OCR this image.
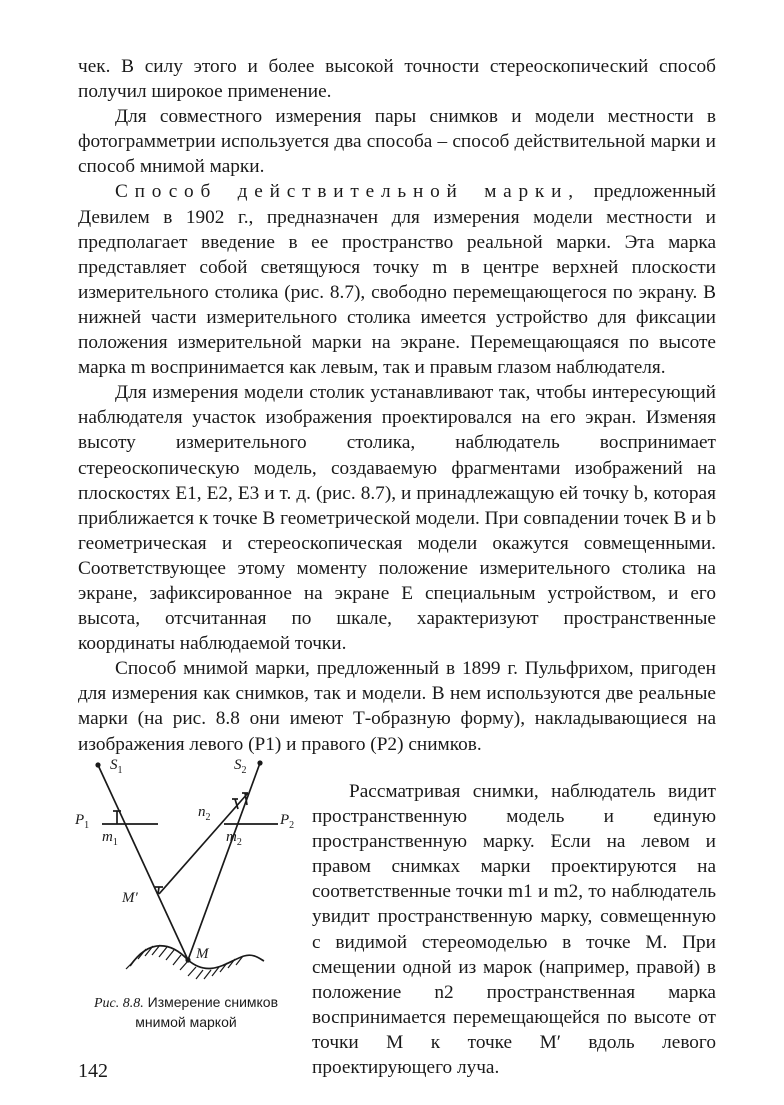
чек. В силу этого и более высокой точности стереоскопический способ получил широкое применение.

Для совместного измерения пары снимков и модели местности в фотограмметрии используется два способа – способ действительной марки и способ мнимой марки.

Способ действительной марки, предложенный Девилем в 1902 г., предназначен для измерения модели местности и предполагает введение в ее пространство реальной марки. Эта марка представляет собой светящуюся точку m в центре верхней плоскости измерительного столика (рис. 8.7), свободно перемещающегося по экрану. В нижней части измерительного столика имеется устройство для фиксации положения измерительной марки на экране. Перемещающаяся по высоте марка m воспринимается как левым, так и правым глазом наблюдателя.

Для измерения модели столик устанавливают так, чтобы интересующий наблюдателя участок изображения проектировался на его экран. Изменяя высоту измерительного столика, наблюдатель воспринимает стереоскопическую модель, создаваемую фрагментами изображений на плоскостях E1, E2, E3 и т. д. (рис. 8.7), и принадлежащую ей точку b, которая приближается к точке B геометрической модели. При совпадении точек B и b геометрическая и стереоскопическая модели окажутся совмещенными. Соответствующее этому моменту положение измерительного столика на экране, зафиксированное на экране E специальным устройством, и его высота, отсчитанная по шкале, характеризуют пространственные координаты наблюдаемой точки.

Способ мнимой марки, предложенный в 1899 г. Пульфрихом, пригоден для измерения как снимков, так и модели. В нем используются две реальные марки (на рис. 8.8 они имеют Т-образную форму), накладывающиеся на изображения левого (P1) и правого (P2) снимков.

$S_1$	$S_2$
$P_1$	$P_2$
$m_1$	$m_2$
$n_2$
M′
M
Рис. 8.8. Измерение снимков мнимой маркой

Рассматривая снимки, наблюдатель видит пространственную модель и единую пространственную марку. Если на левом и правом снимках марки проектируются на соответственные точки m1 и m2, то наблюдатель увидит пространственную марку, совмещенную с видимой стереомоделью в точке M. При смещении одной из марок (например, правой) в положение n2 пространственная марка воспринимается перемещающейся по высоте от точки M к точке M′ вдоль левого проектирующего луча.

142
